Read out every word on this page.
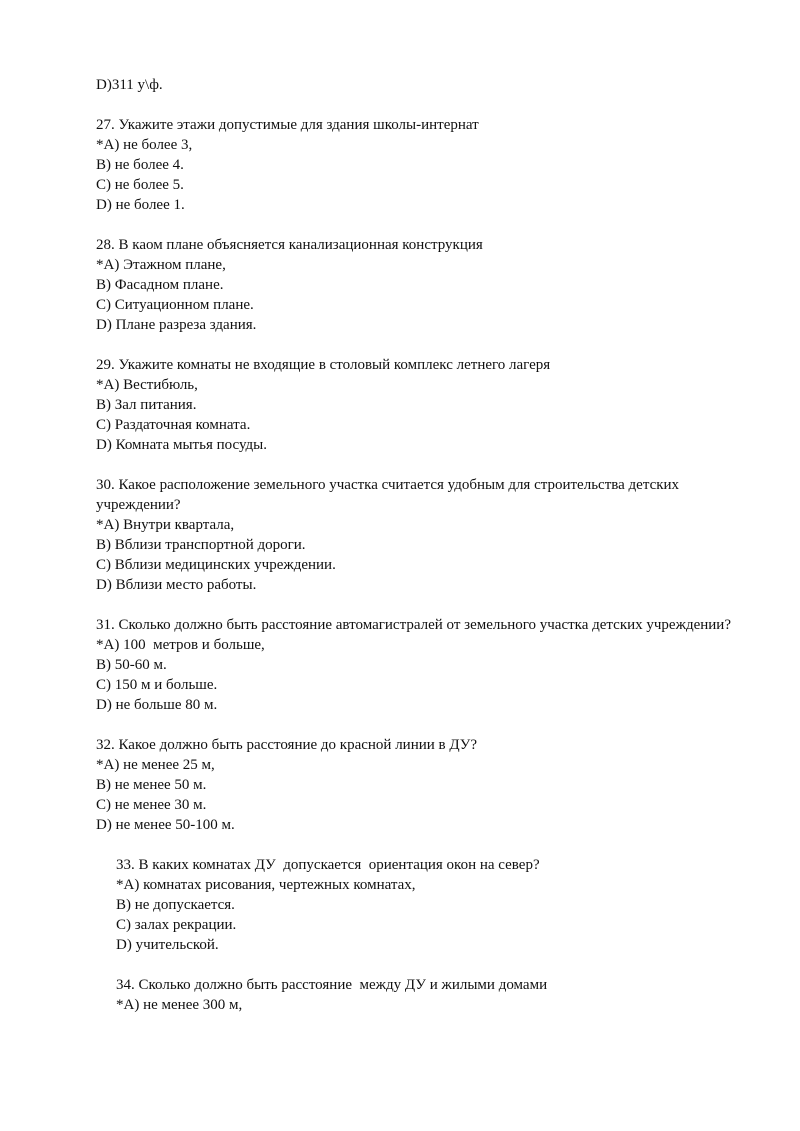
D)311 у\ф.
27. Укажите этажи допустимые для здания школы-интернат
*A) не более 3,
B) не более 4.
C) не более 5.
D) не более 1.
28. В каом плане объясняется канализационная конструкция
*A) Этажном плане,
B) Фасадном плане.
C) Ситуационном плане.
D) Плане разреза здания.
29. Укажите комнаты не входящие в столовый комплекс летнего лагеря
*A) Вестибюль,
B) Зал питания.
C) Раздаточная комната.
D) Комната мытья посуды.
30. Какое расположение земельного участка считается удобным для строительства детских учреждении?
*A) Внутри квартала,
B) Вблизи транспортной дороги.
C) Вблизи медицинских учреждении.
D) Вблизи место работы.
31. Сколько должно быть расстояние автомагистралей от земельного участка детских учреждении?
*A) 100  метров и больше,
B) 50-60 м.
C) 150 м и больше.
D) не больше 80 м.
32. Какое должно быть расстояние до красной линии в ДУ?
*A) не менее 25 м,
B) не менее 50 м.
C) не менее 30 м.
D) не менее 50-100 м.
33. В каких комнатах ДУ  допускается  ориентация окон на север?
*A) комнатах рисования, чертежных комнатах,
B) не допускается.
C) залах рекрации.
D) учительской.
34. Сколько должно быть расстояние  между ДУ и жилыми домами
*A) не менее 300 м,
